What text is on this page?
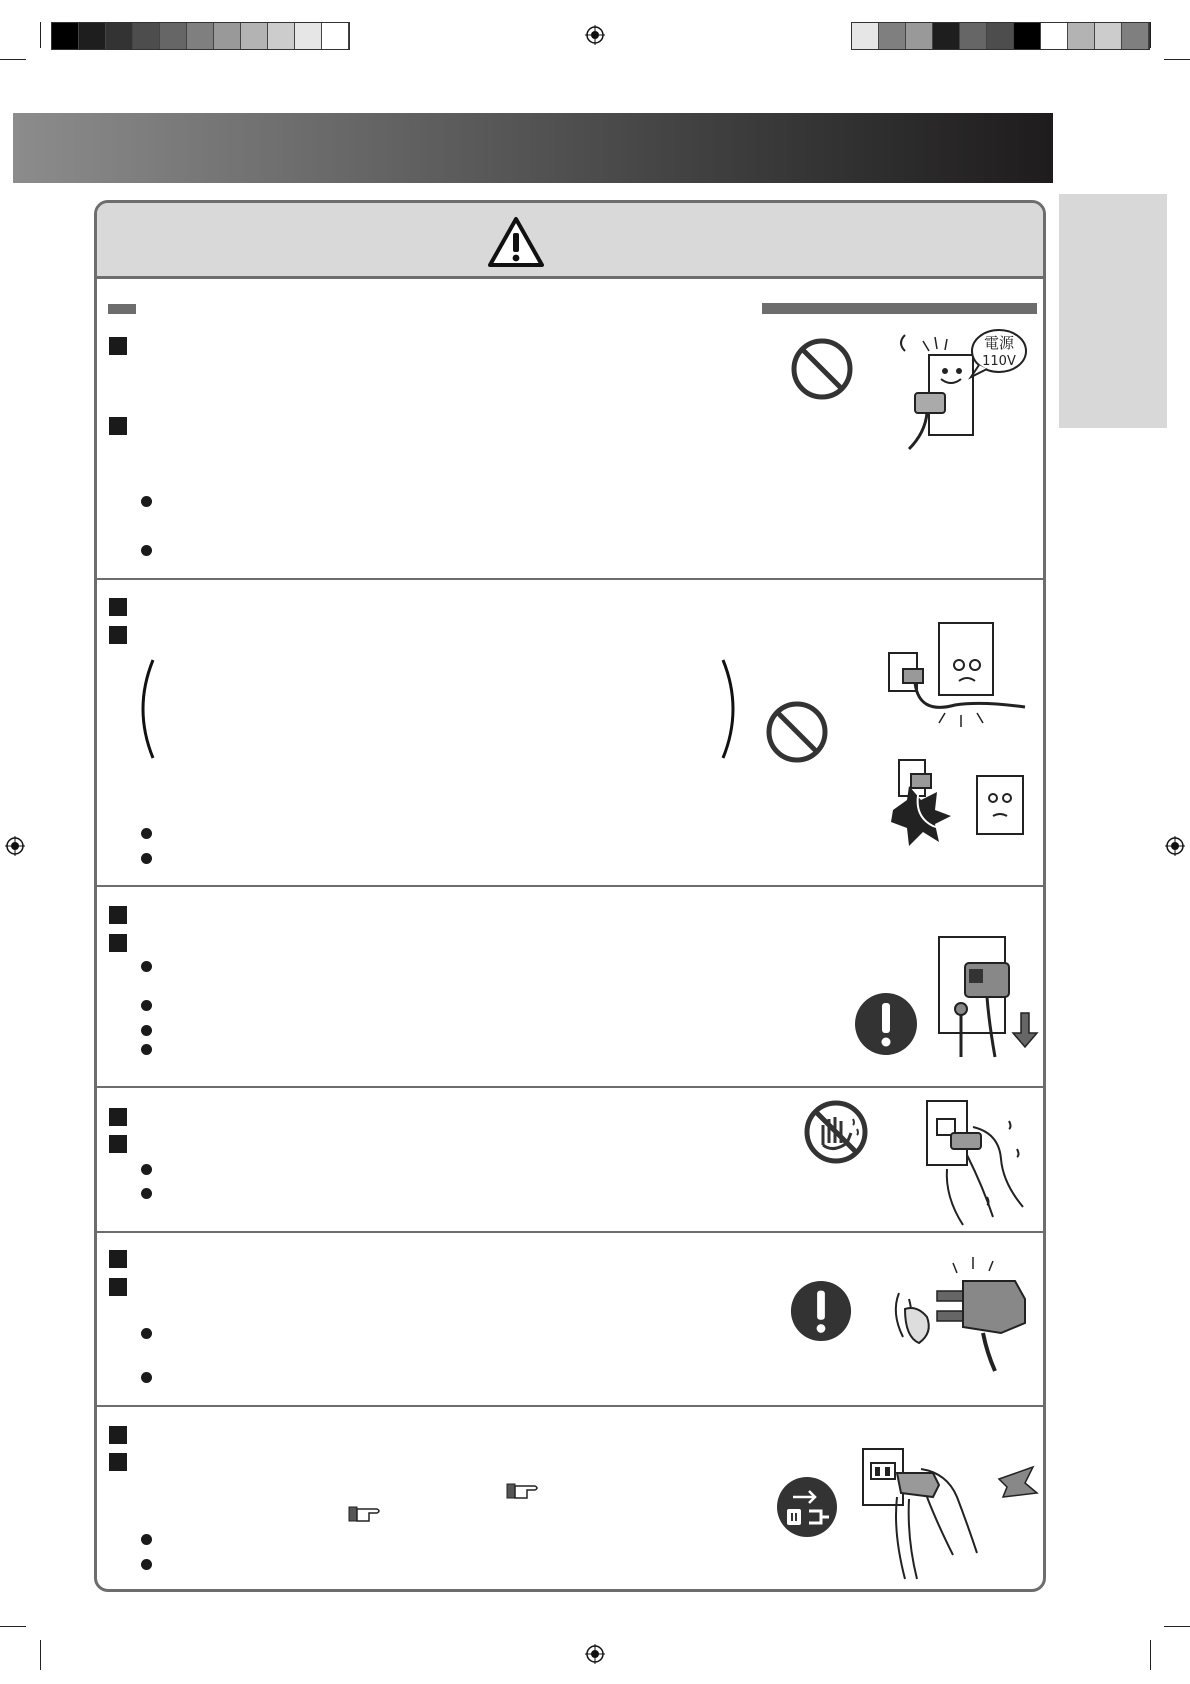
電源
110V
